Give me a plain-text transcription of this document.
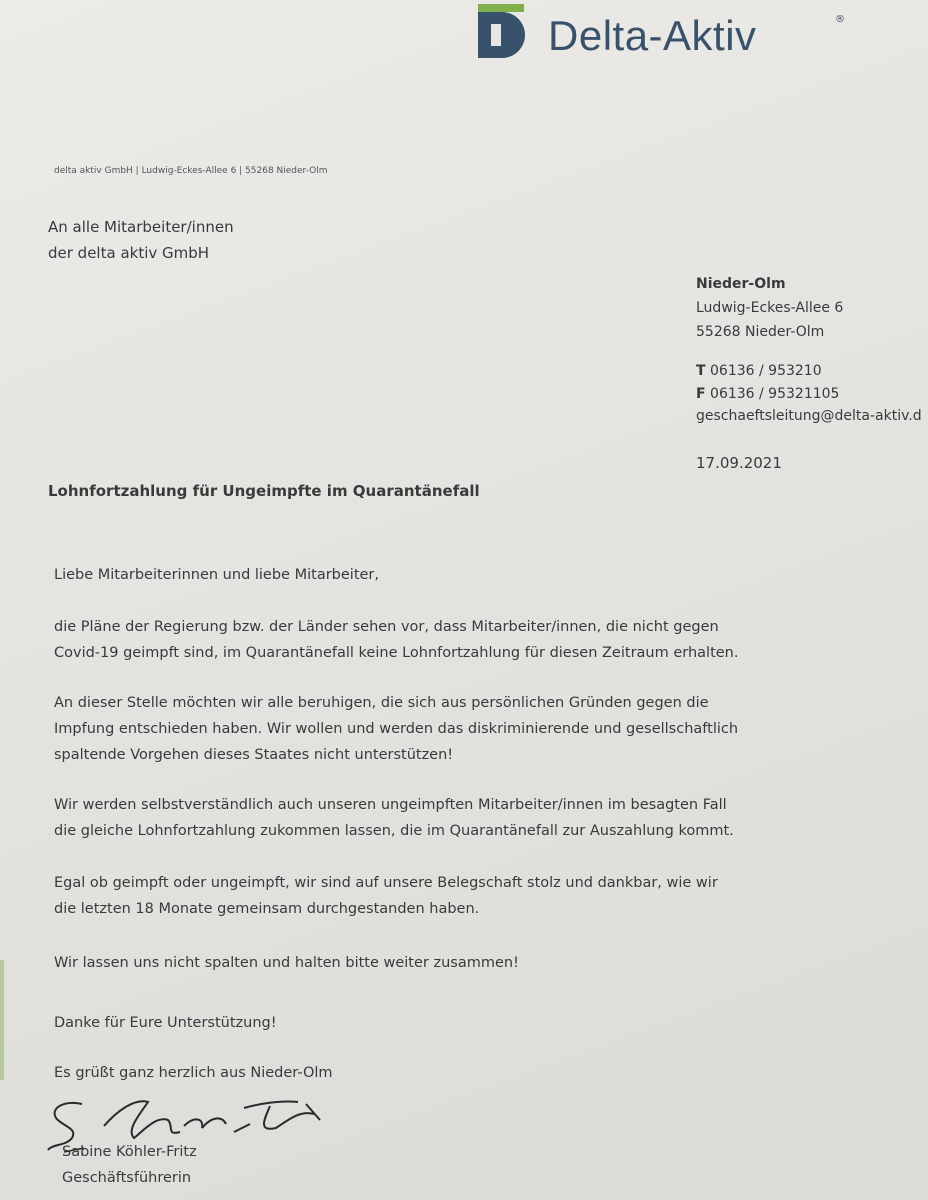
Delta-Aktiv	®
delta aktiv GmbH | Ludwig-Eckes-Allee 6 | 55268 Nieder-Olm
An alle Mitarbeiter/innen
der delta aktiv GmbH
Nieder-Olm
Ludwig-Eckes-Allee 6
55268 Nieder-Olm
T 06136 / 953210
F 06136 / 95321105
geschaeftsleitung@delta-aktiv.d
17.09.2021
Lohnfortzahlung für Ungeimpfte im Quarantänefall
Liebe Mitarbeiterinnen und liebe Mitarbeiter,
die Pläne der Regierung bzw. der Länder sehen vor, dass Mitarbeiter/innen, die nicht gegen
Covid-19 geimpft sind, im Quarantänefall keine Lohnfortzahlung für diesen Zeitraum erhalten.
An dieser Stelle möchten wir alle beruhigen, die sich aus persönlichen Gründen gegen die
Impfung entschieden haben. Wir wollen und werden das diskriminierende und gesellschaftlich
spaltende Vorgehen dieses Staates nicht unterstützen!
Wir werden selbstverständlich auch unseren ungeimpften Mitarbeiter/innen im besagten Fall
die gleiche Lohnfortzahlung zukommen lassen, die im Quarantänefall zur Auszahlung kommt.
Egal ob geimpft oder ungeimpft, wir sind auf unsere Belegschaft stolz und dankbar, wie wir
die letzten 18 Monate gemeinsam durchgestanden haben.
Wir lassen uns nicht spalten und halten bitte weiter zusammen!
Danke für Eure Unterstützung!
Es grüßt ganz herzlich aus Nieder-Olm
Sabine Köhler-Fritz
Geschäftsführerin
